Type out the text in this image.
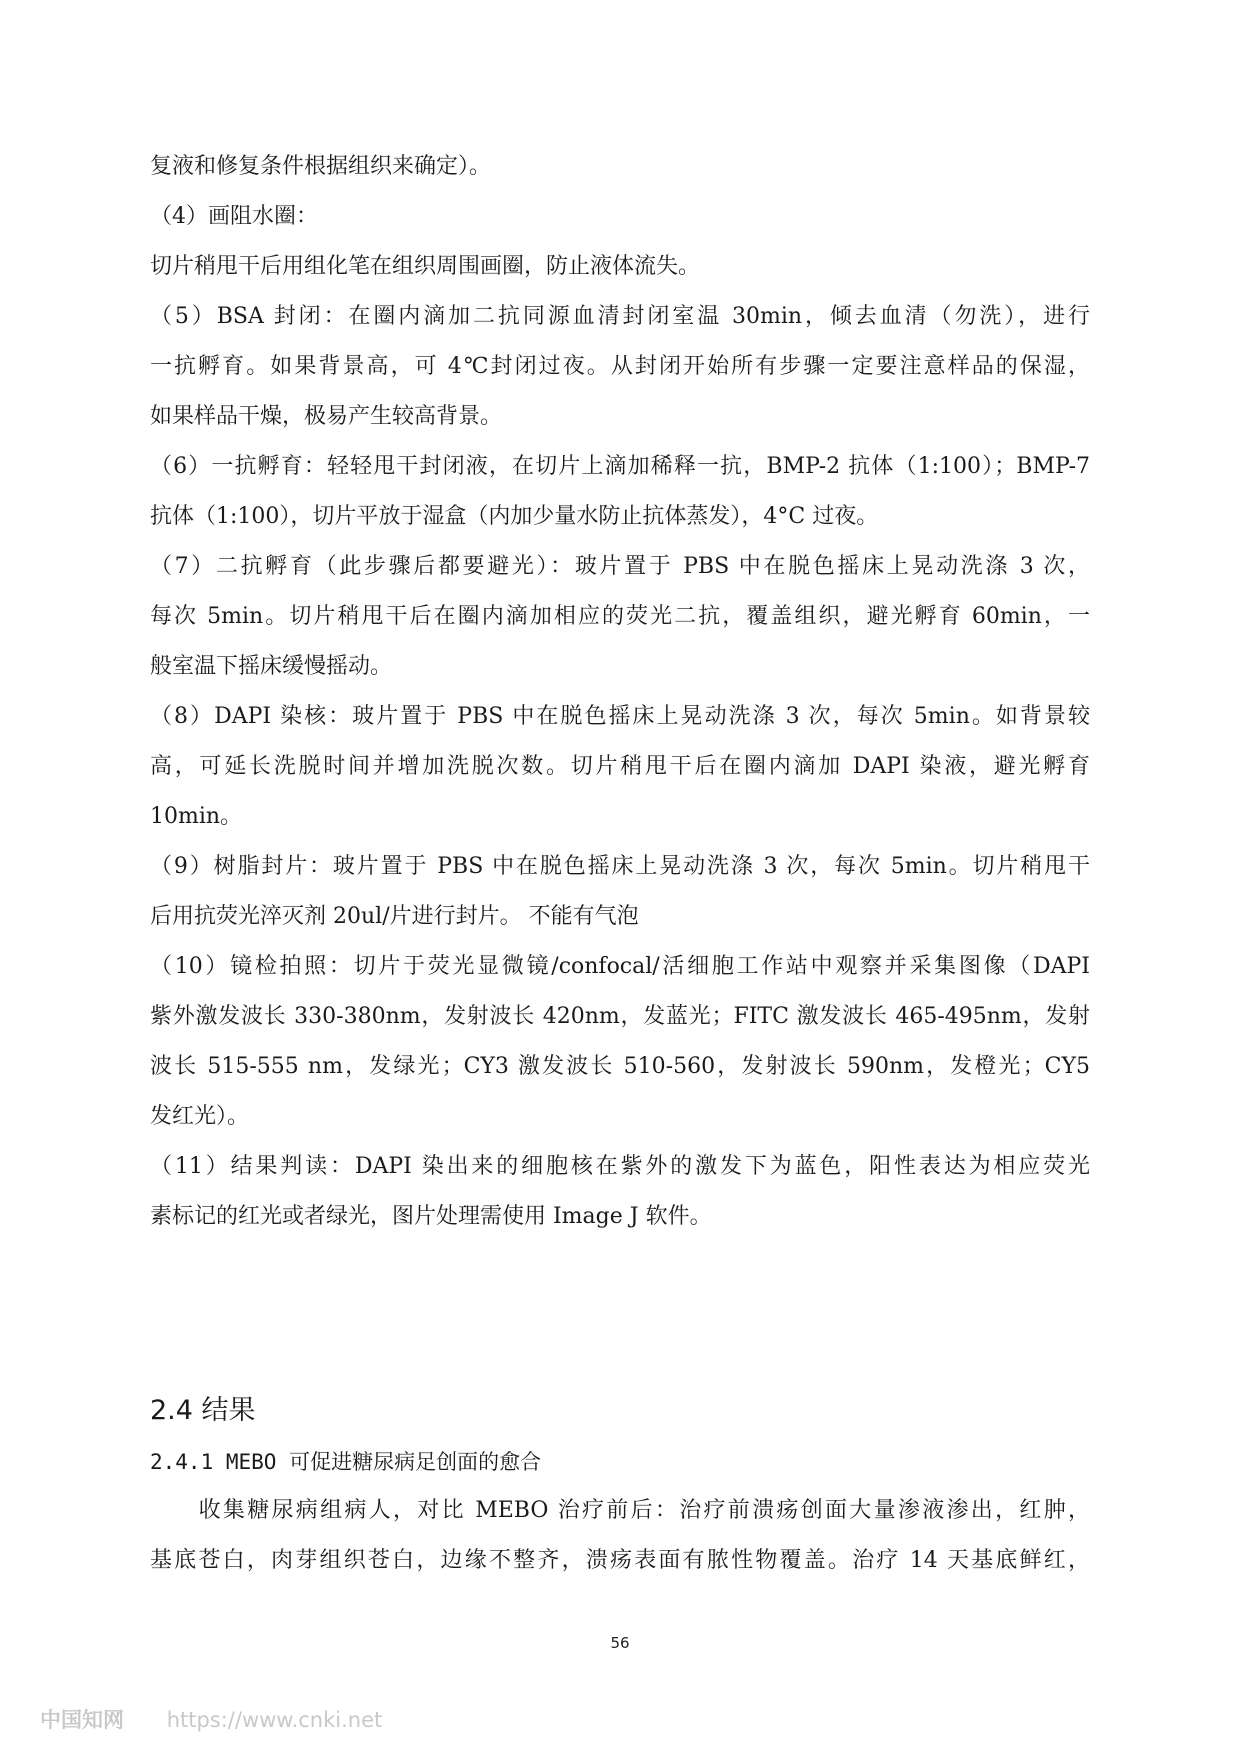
复液和修复条件根据组织来确定）。
（4）画阻水圈：
切片稍甩干后用组化笔在组织周围画圈，防止液体流失。
（5）BSA 封闭：在圈内滴加二抗同源血清封闭室温 30min，倾去血清（勿洗），进行
一抗孵育。如果背景高，可 4℃封闭过夜。从封闭开始所有步骤一定要注意样品的保湿，
如果样品干燥，极易产生较高背景。
（6）一抗孵育：轻轻甩干封闭液，在切片上滴加稀释一抗，BMP-2 抗体（1:100）；BMP-7
抗体（1:100），切片平放于湿盒（内加少量水防止抗体蒸发），4°C 过夜。
（7）二抗孵育（此步骤后都要避光）：玻片置于 PBS 中在脱色摇床上晃动洗涤 3 次，
每次 5min。切片稍甩干后在圈内滴加相应的荧光二抗，覆盖组织，避光孵育 60min，一
般室温下摇床缓慢摇动。
（8）DAPI 染核：玻片置于 PBS 中在脱色摇床上晃动洗涤 3 次，每次 5min。如背景较
高，可延长洗脱时间并增加洗脱次数。切片稍甩干后在圈内滴加 DAPI 染液，避光孵育
10min。
（9）树脂封片：玻片置于 PBS 中在脱色摇床上晃动洗涤 3 次，每次 5min。切片稍甩干
后用抗荧光淬灭剂 20ul/片进行封片。 不能有气泡
（10）镜检拍照：切片于荧光显微镜/confocal/活细胞工作站中观察并采集图像（DAPI
紫外激发波长 330-380nm，发射波长 420nm，发蓝光；FITC 激发波长 465-495nm，发射
波长 515-555 nm，发绿光；CY3 激发波长 510-560，发射波长 590nm，发橙光；CY5
发红光）。
（11）结果判读：DAPI 染出来的细胞核在紫外的激发下为蓝色，阳性表达为相应荧光
素标记的红光或者绿光，图片处理需使用 Image J 软件。
2.4 结果
2.4.1 MEBO 可促进糖尿病足创面的愈合
　　收集糖尿病组病人，对比 MEBO 治疗前后：治疗前溃疡创面大量渗液渗出，红肿，
基底苍白，肉芽组织苍白，边缘不整齐，溃疡表面有脓性物覆盖。治疗 14 天基底鲜红，
56
中国知网 https://www.cnki.net
